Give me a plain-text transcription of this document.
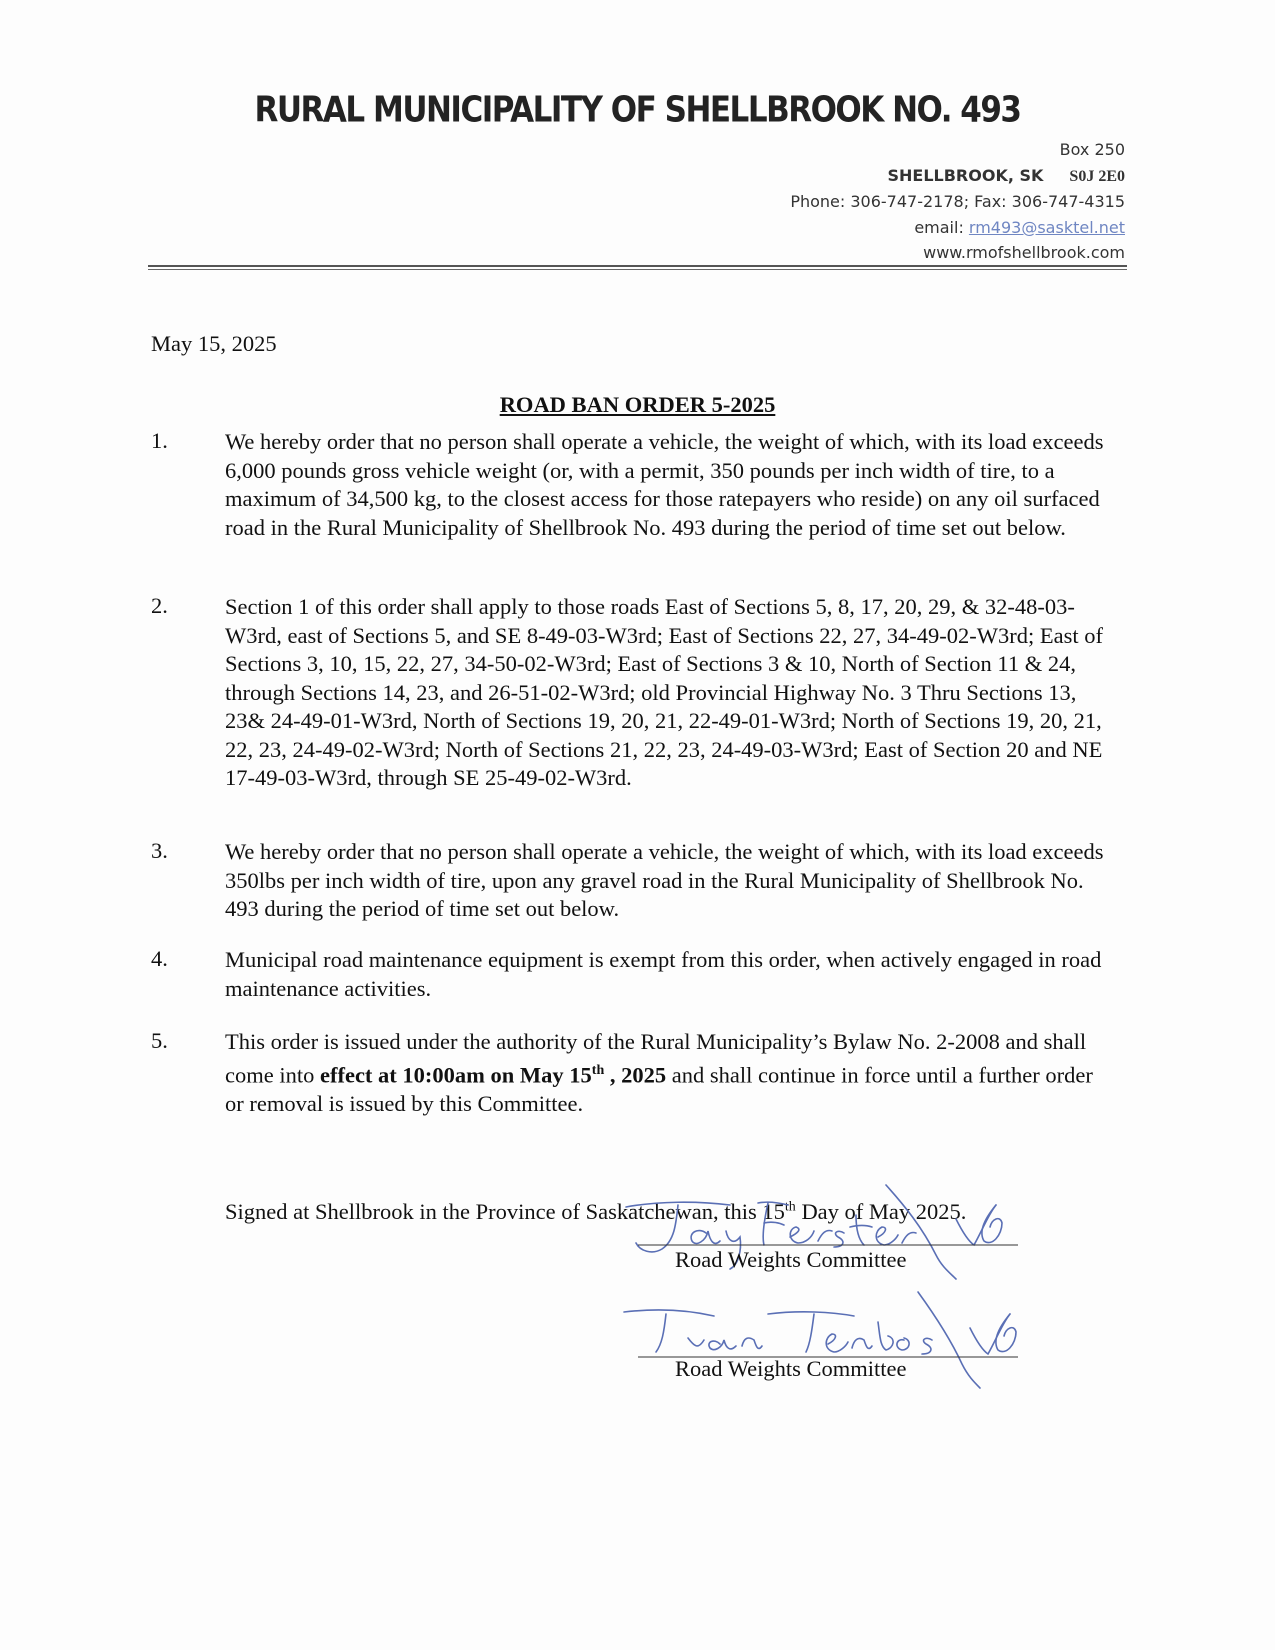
RURAL MUNICIPALITY OF SHELLBROOK NO. 493
Box 250
SHELLBROOK, SK S0J 2E0
Phone: 306-747-2178; Fax: 306-747-4315
email: rm493@sasktel.net
www.rmofshellbrook.com
May 15, 2025
ROAD BAN ORDER 5-2025
1.	We hereby order that no person shall operate a vehicle, the weight of which, with its load exceeds 6,000 pounds gross vehicle weight (or, with a permit, 350 pounds per inch width of tire, to a maximum of 34,500 kg, to the closest access for those ratepayers who reside) on any oil surfaced road in the Rural Municipality of Shellbrook No. 493 during the period of time set out below.
2.	Section 1 of this order shall apply to those roads East of Sections 5, 8, 17, 20, 29, & 32-48-03-W3rd, east of Sections 5, and SE 8-49-03-W3rd; East of Sections 22, 27, 34-49-02-W3rd; East of Sections 3, 10, 15, 22, 27, 34-50-02-W3rd; East of Sections 3 & 10, North of Section 11 & 24, through Sections 14, 23, and 26-51-02-W3rd; old Provincial Highway No. 3 Thru Sections 13, 23& 24-49-01-W3rd, North of Sections 19, 20, 21, 22-49-01-W3rd; North of Sections 19, 20, 21, 22, 23, 24-49-02-W3rd; North of Sections 21, 22, 23, 24-49-03-W3rd; East of Section 20 and NE 17-49-03-W3rd, through SE 25-49-02-W3rd.
3.	We hereby order that no person shall operate a vehicle, the weight of which, with its load exceeds 350lbs per inch width of tire, upon any gravel road in the Rural Municipality of Shellbrook No. 493 during the period of time set out below.
4.	Municipal road maintenance equipment is exempt from this order, when actively engaged in road maintenance activities.
5.	This order is issued under the authority of the Rural Municipality’s Bylaw No. 2-2008 and shall come into effect at 10:00am on May 15th , 2025 and shall continue in force until a further order or removal is issued by this Committee.
Signed at Shellbrook in the Province of Saskatchewan, this 15th Day of May 2025.
Road Weights Committee
Road Weights Committee
